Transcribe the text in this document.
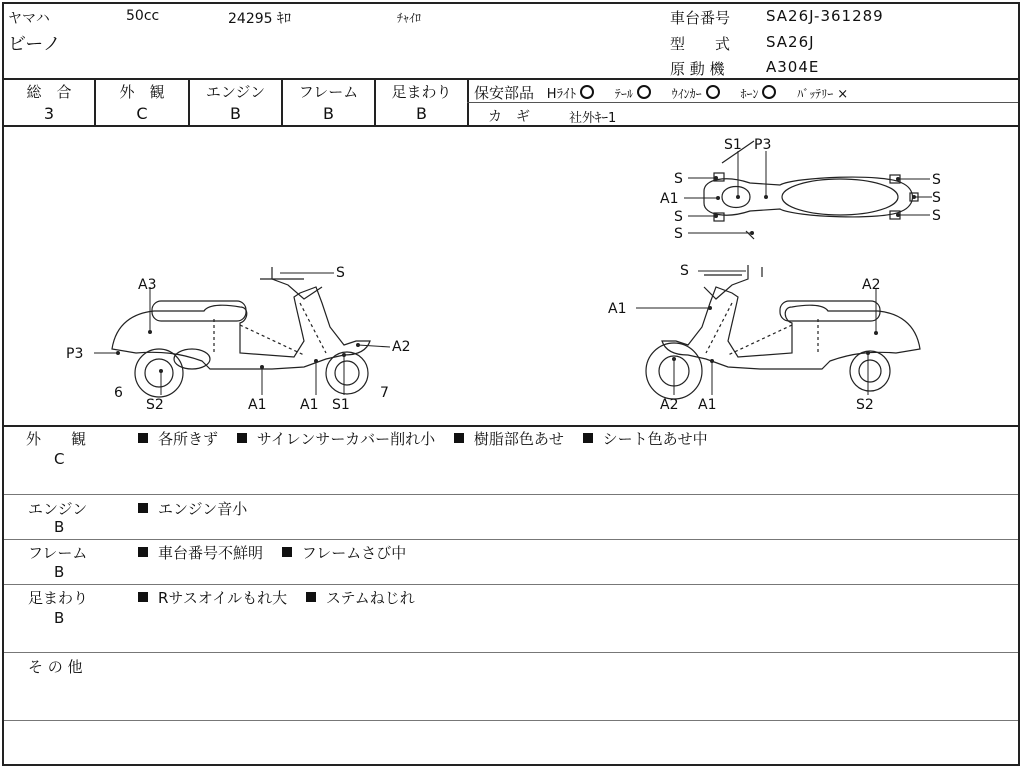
ヤマハ	50cc	24295 ｷﾛ	ﾁｬｲﾛ
ビーノ
車台番号 SA26J-361289
型　　式 SA26J
原 動 機	A304E
総　合
3
外　観
C
エンジン
B
フレーム
B
足まわり
B
保安部品 Hﾗｲﾄ	ﾃｰﾙ	ｳｲﾝｶｰ	ﾎｰﾝ	ﾊﾞｯﾃﾘｰ ×
カ　ギ	社外ｷｰ1
S
A3
P3	A2
6
S2	A1 A1 S1
7
S
A1
A2
A2 A1	S2
S1 P3
S
A1
S
S
S
S
S
外　　観
C
各所きず	サイレンサーカバー削れ小	樹脂部色あせ	シート色あせ中
エンジン
B
エンジン音小
フレーム
B
車台番号不鮮明	フレームさび中
足まわり
B
Rサスオイルもれ大	ステムねじれ
そ の 他
